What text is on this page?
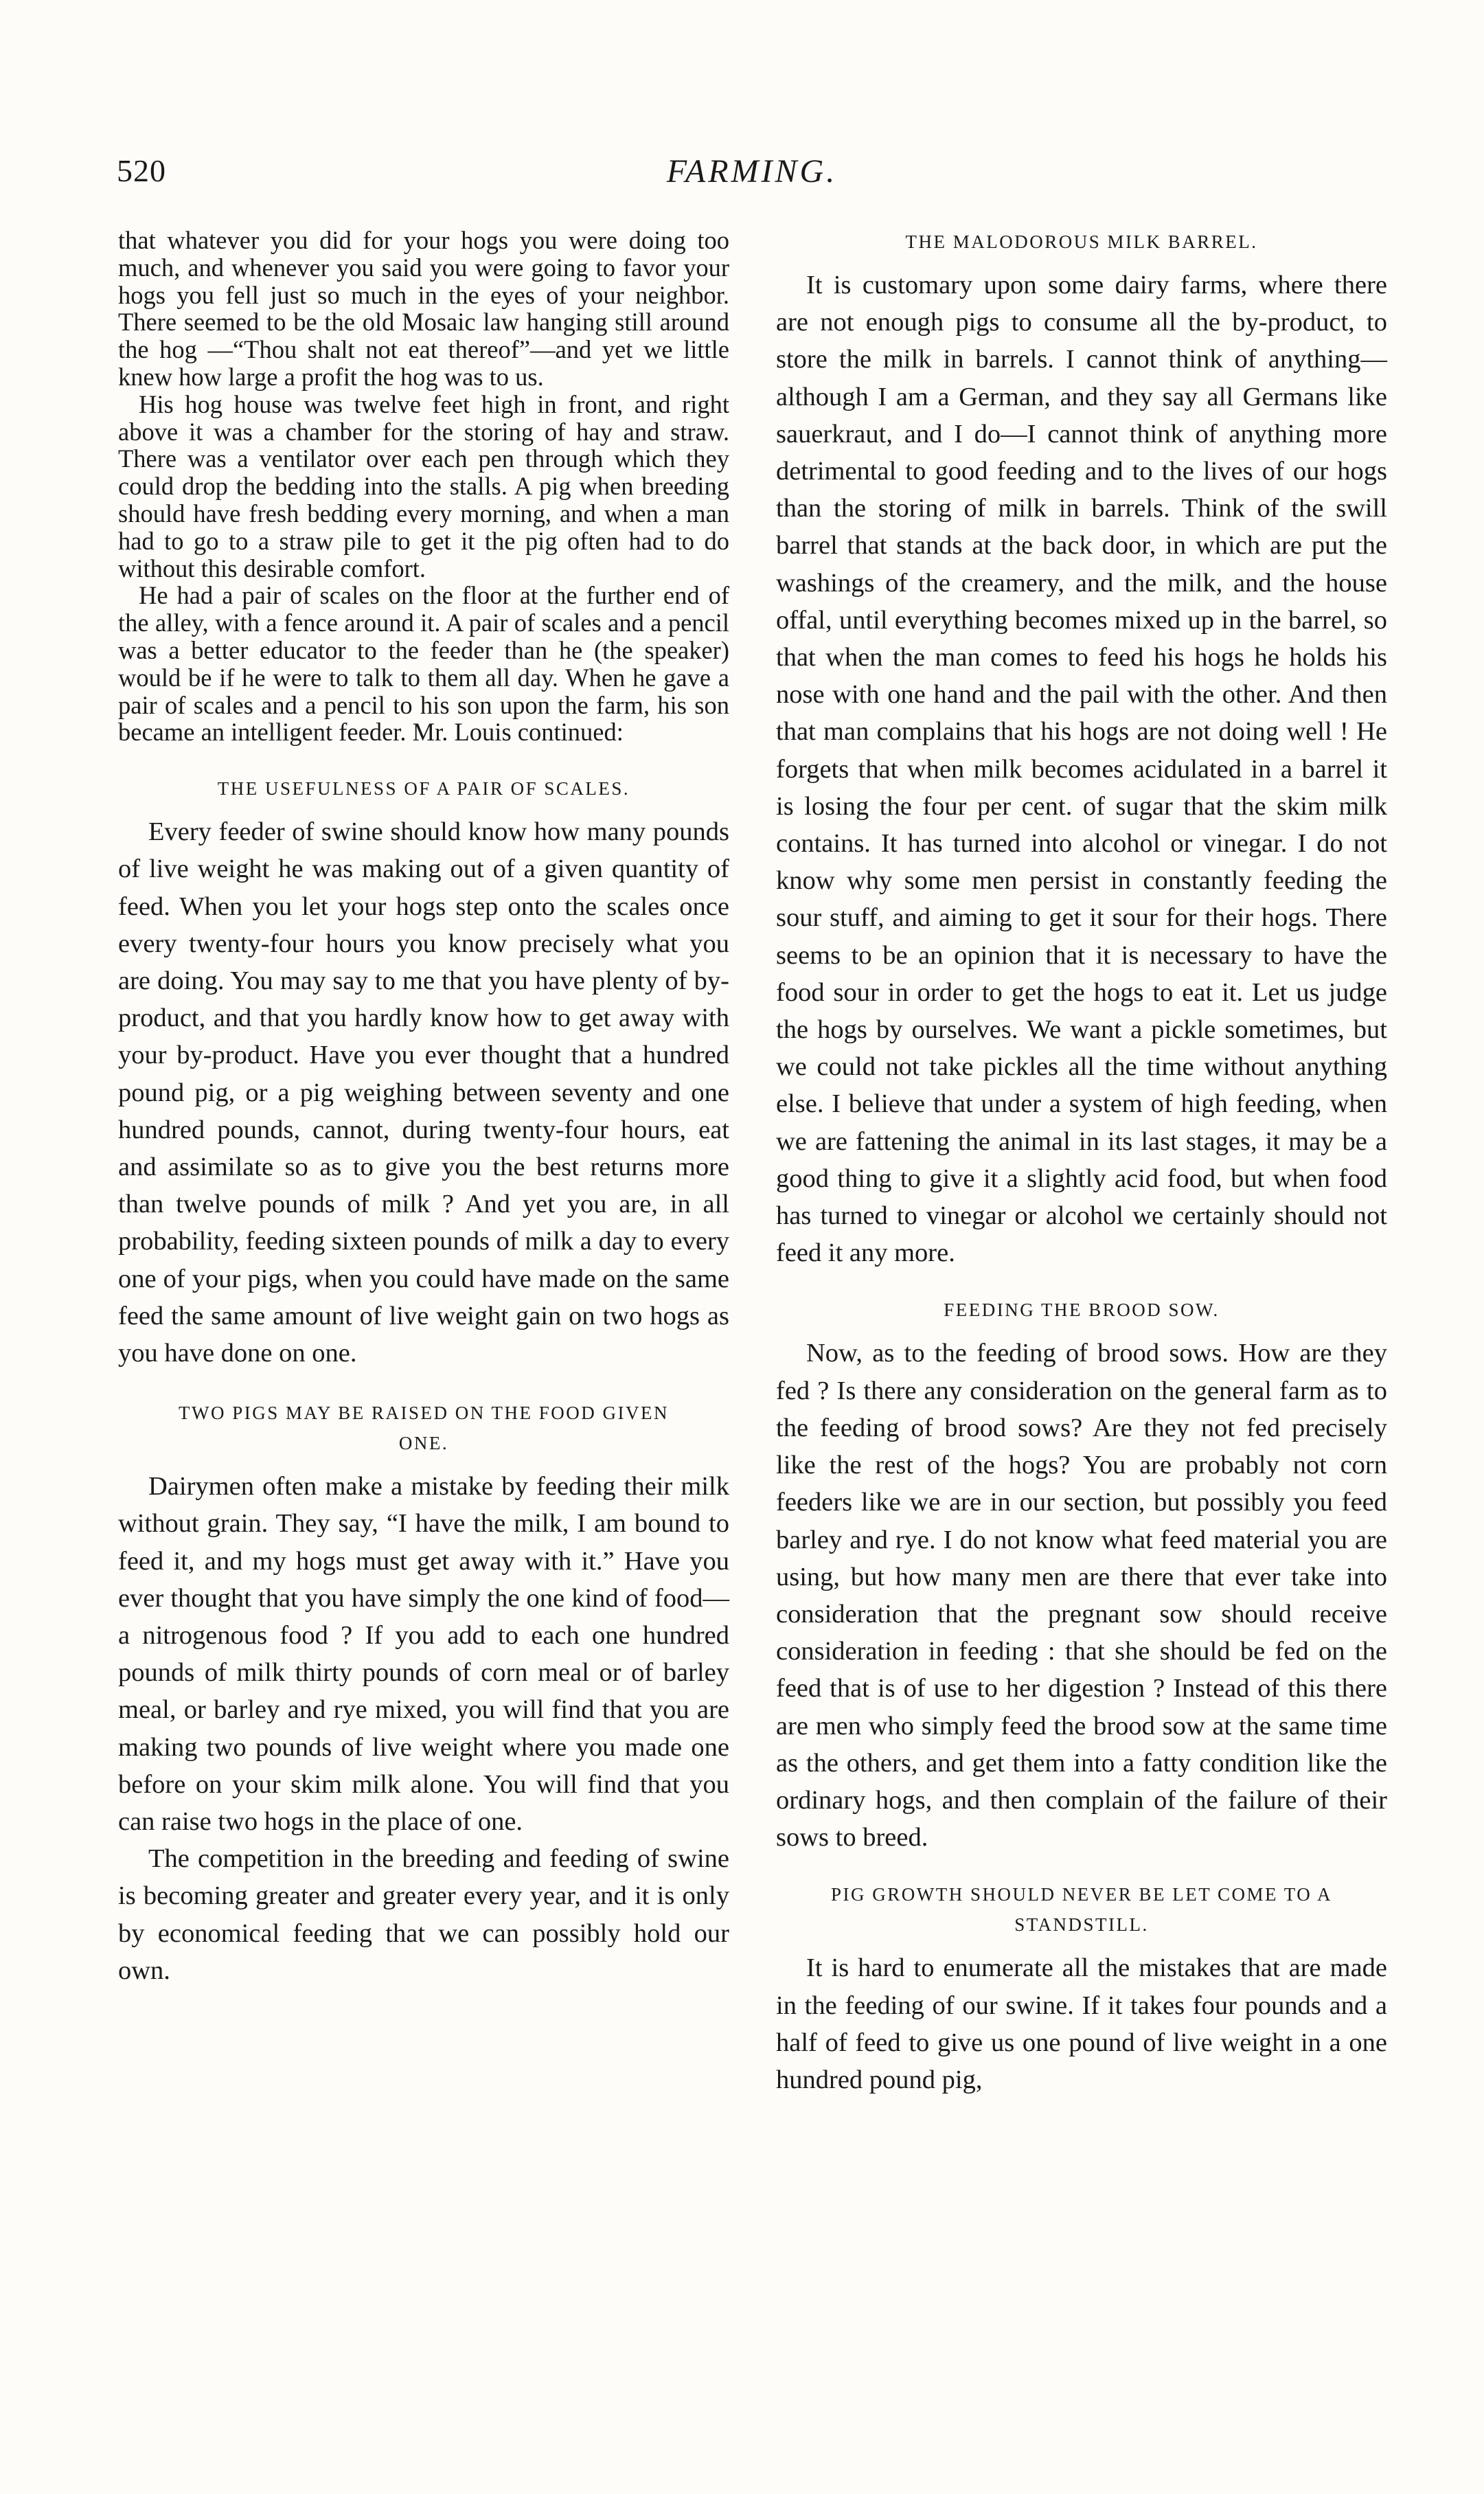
520	FARMING.

that whatever you did for your hogs you were doing too much, and whenever you said you were going to favor your hogs you fell just so much in the eyes of your neighbor. There seemed to be the old Mosaic law hanging still around the hog —“Thou shalt not eat thereof”—and yet we little knew how large a profit the hog was to us.

His hog house was twelve feet high in front, and right above it was a chamber for the storing of hay and straw. There was a ventilator over each pen through which they could drop the bedding into the stalls. A pig when breeding should have fresh bedding every morning, and when a man had to go to a straw pile to get it the pig often had to do without this desirable comfort.

He had a pair of scales on the floor at the further end of the alley, with a fence around it. A pair of scales and a pencil was a better educator to the feeder than he (the speaker) would be if he were to talk to them all day. When he gave a pair of scales and a pencil to his son upon the farm, his son became an intelligent feeder. Mr. Louis continued:

THE USEFULNESS OF A PAIR OF SCALES.

Every feeder of swine should know how many pounds of live weight he was making out of a given quantity of feed. When you let your hogs step onto the scales once every twenty-four hours you know precisely what you are doing. You may say to me that you have plenty of by-product, and that you hardly know how to get away with your by-product. Have you ever thought that a hundred pound pig, or a pig weighing between seventy and one hundred pounds, cannot, during twenty-four hours, eat and assimilate so as to give you the best returns more than twelve pounds of milk ? And yet you are, in all probability, feeding sixteen pounds of milk a day to every one of your pigs, when you could have made on the same feed the same amount of live weight gain on two hogs as you have done on one.

TWO PIGS MAY BE RAISED ON THE FOOD GIVEN ONE.

Dairymen often make a mistake by feeding their milk without grain. They say, “I have the milk, I am bound to feed it, and my hogs must get away with it.” Have you ever thought that you have simply the one kind of food—a nitrogenous food ? If you add to each one hundred pounds of milk thirty pounds of corn meal or of barley meal, or barley and rye mixed, you will find that you are making two pounds of live weight where you made one before on your skim milk alone. You will find that you can raise two hogs in the place of one.

The competition in the breeding and feeding of swine is becoming greater and greater every year, and it is only by economical feeding that we can possibly hold our own.

THE MALODOROUS MILK BARREL.

It is customary upon some dairy farms, where there are not enough pigs to consume all the by-product, to store the milk in barrels. I cannot think of anything—although I am a German, and they say all Germans like sauerkraut, and I do—I cannot think of anything more detrimental to good feeding and to the lives of our hogs than the storing of milk in barrels. Think of the swill barrel that stands at the back door, in which are put the washings of the creamery, and the milk, and the house offal, until everything becomes mixed up in the barrel, so that when the man comes to feed his hogs he holds his nose with one hand and the pail with the other. And then that man complains that his hogs are not doing well ! He forgets that when milk becomes acidulated in a barrel it is losing the four per cent. of sugar that the skim milk contains. It has turned into alcohol or vinegar. I do not know why some men persist in constantly feeding the sour stuff, and aiming to get it sour for their hogs. There seems to be an opinion that it is necessary to have the food sour in order to get the hogs to eat it. Let us judge the hogs by ourselves. We want a pickle sometimes, but we could not take pickles all the time without anything else. I believe that under a system of high feeding, when we are fattening the animal in its last stages, it may be a good thing to give it a slightly acid food, but when food has turned to vinegar or alcohol we certainly should not feed it any more.

FEEDING THE BROOD SOW.

Now, as to the feeding of brood sows. How are they fed ? Is there any consideration on the general farm as to the feeding of brood sows? Are they not fed precisely like the rest of the hogs? You are probably not corn feeders like we are in our section, but possibly you feed barley and rye. I do not know what feed material you are using, but how many men are there that ever take into consideration that the pregnant sow should receive consideration in feeding : that she should be fed on the feed that is of use to her digestion ? Instead of this there are men who simply feed the brood sow at the same time as the others, and get them into a fatty condition like the ordinary hogs, and then complain of the failure of their sows to breed.

PIG GROWTH SHOULD NEVER BE LET COME TO A STANDSTILL.

It is hard to enumerate all the mistakes that are made in the feeding of our swine. If it takes four pounds and a half of feed to give us one pound of live weight in a one hundred pound pig,
